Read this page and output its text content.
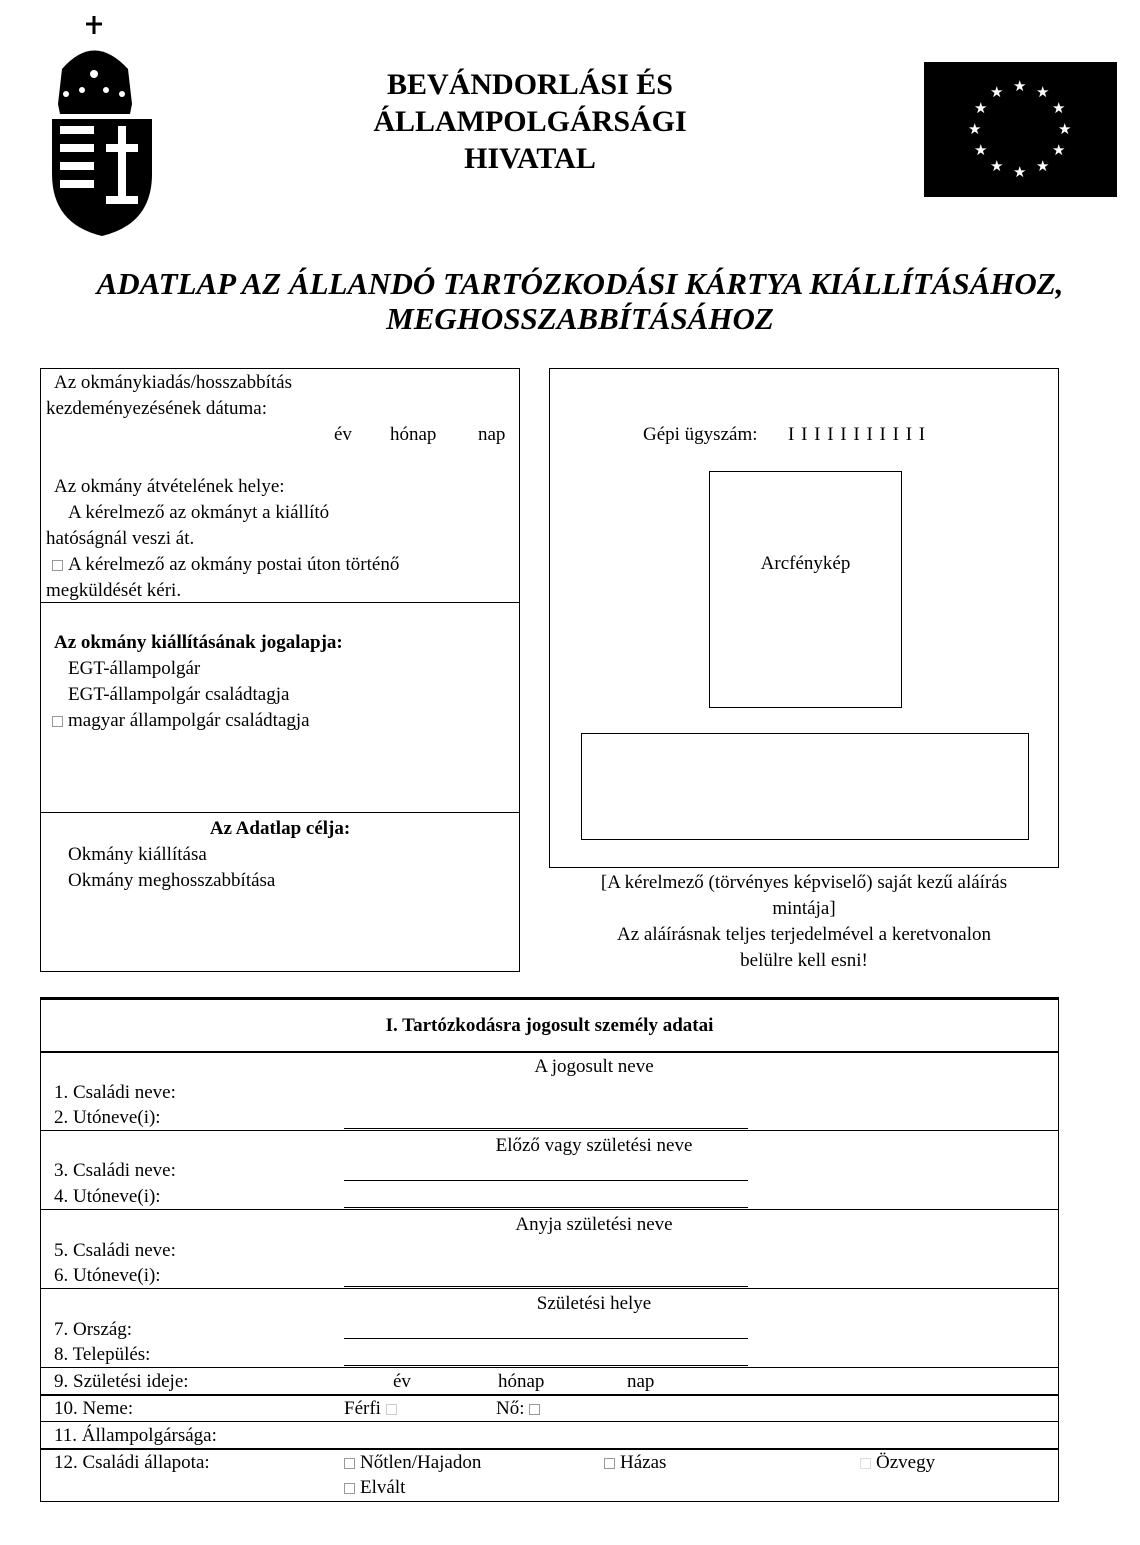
BEVÁNDORLÁSI ÉS
ÁLLAMPOLGÁRSÁGI
HIVATAL
★ ★
★
★
★
★
★
★
★
★
★
★
ADATLAP AZ ÁLLANDÓ TARTÓZKODÁSI KÁRTYA KIÁLLÍTÁSÁHOZ,
MEGHOSSZABBÍTÁSÁHOZ
Az okmánykiadás/hosszabbítás
kezdeményezésének dátuma:
év hónap nap
Az okmány átvételének helye:
A kérelmező az okmányt a kiállító
hatóságnál veszi át.
A kérelmező az okmány postai úton történő
megküldését kéri.
Az okmány kiállításának jogalapja:
EGT-állampolgár
EGT-állampolgár családtagja
magyar állampolgár családtagja
Az Adatlap célja:
Okmány kiállítása
Okmány meghosszabbítása
Gépi ügyszám: I I I I I I I I I I I
Arcfénykép
[A kérelmező (törvényes képviselő) saját kezű aláírás
mintája]
Az aláírásnak teljes terjedelmével a keretvonalon
belülre kell esni!
I. Tartózkodásra jogosult személy adatai
A jogosult neve
1. Családi neve:
2. Utóneve(i):
Előző vagy születési neve
3. Családi neve:
4. Utóneve(i):
Anyja születési neve
5. Családi neve:
6. Utóneve(i):
Születési helye
7. Ország:
8. Település:
9. Születési ideje:	év	hónap	nap
10. Neme:	Férfi	Nő:
11. Állampolgársága:
12. Családi állapota:	Nőtlen/Hajadon	Házas	Özvegy
Elvált
